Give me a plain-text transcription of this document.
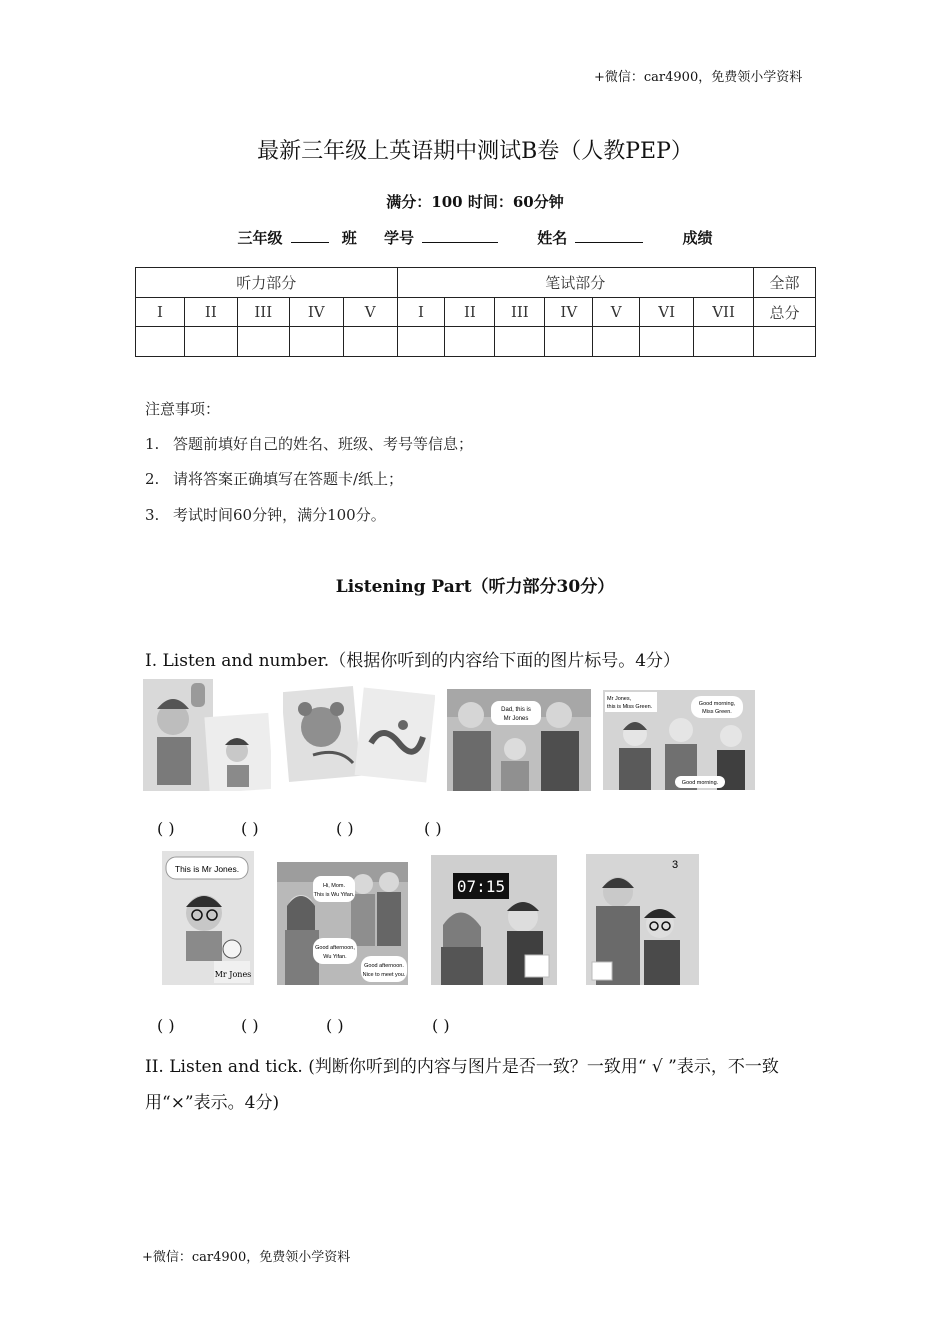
+微信：car4900，免费领小学资料
最新三年级上英语期中测试B卷（人教PEP）
满分：100 时间：60分钟
三年级	班 学号	姓名	成绩
听力部分					笔试部分							全部
I	II	III	IV	V	I	II	III	IV	V	VI	VII	总分

注意事项：
1. 答题前填好自己的姓名、班级、考号等信息；
2. 请将答案正确填写在答题卡/纸上；
3. 考试时间60分钟，满分100分。
Listening Part（听力部分30分）
I. Listen and number.（根据你听到的内容给下面的图片标号。4分）
Dad, this is
Mr Jones
Mr Jones,
this is Miss Green.	Good morning,
Miss Green.
Good morning.
( )	( )	( )	( )
This is Mr Jones.
Mr Jones
Hi, Mom.
This is Wu Yifan.
Good afternoon,
Wu Yifan.
Good afternoon.
Nice to meet you.
07:15
3
( )	( )	( )	( )
II. Listen and tick. (判断你听到的内容与图片是否一致？一致用“ √ ”表示，不一致用“×”表示。4分)
+微信：car4900，免费领小学资料
